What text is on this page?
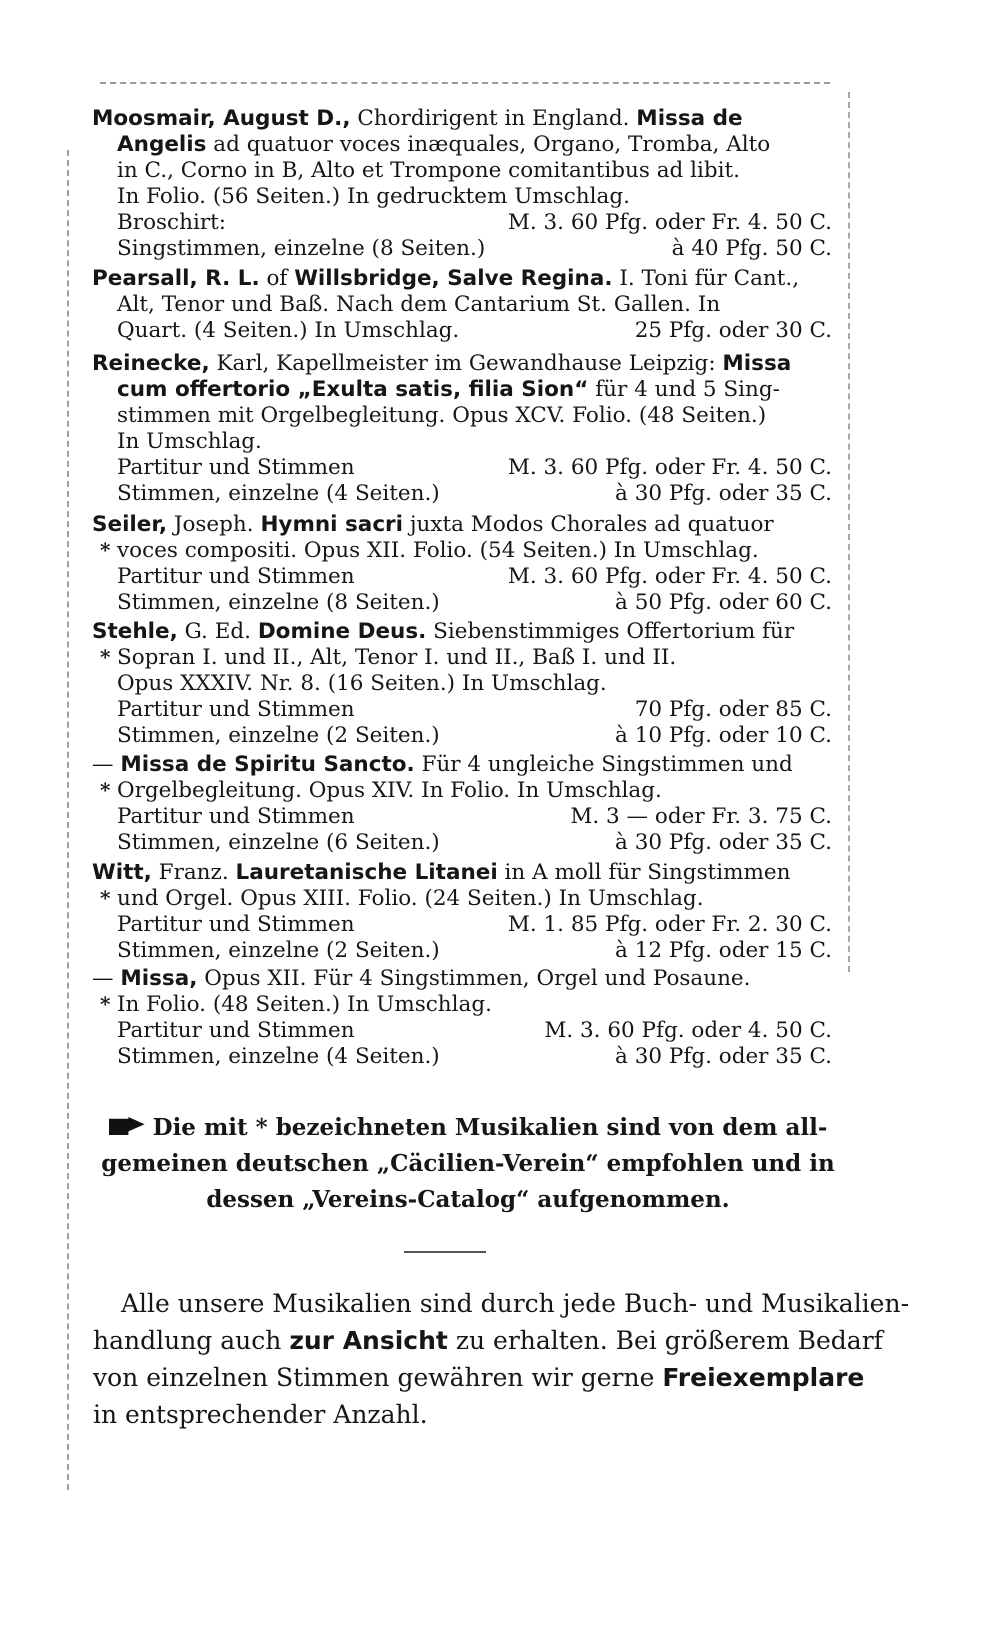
Moosmair, August D., Chordirigent in England. Missa de
Angelis ad quatuor voces inæquales, Organo, Tromba, Alto
in C., Corno in B, Alto et Trompone comitantibus ad libit.
In Folio. (56 Seiten.) In gedrucktem Umschlag.
Broschirt:	M. 3. 60 Pfg. oder Fr. 4. 50 C.
Singstimmen, einzelne (8 Seiten.)	à 40 Pfg. 50 C.
Pearsall, R. L. of Willsbridge, Salve Regina. I. Toni für Cant.,
Alt, Tenor und Baß. Nach dem Cantarium St. Gallen. In
Quart. (4 Seiten.) In Umschlag.	25 Pfg. oder 30 C.
Reinecke, Karl, Kapellmeister im Gewandhause Leipzig: Missa
cum offertorio „Exulta satis, filia Sion“ für 4 und 5 Sing-
stimmen mit Orgelbegleitung. Opus XCV. Folio. (48 Seiten.)
In Umschlag.
Partitur und Stimmen	M. 3. 60 Pfg. oder Fr. 4. 50 C.
Stimmen, einzelne (4 Seiten.)	à 30 Pfg. oder 35 C.
Seiler, Joseph. Hymni sacri juxta Modos Chorales ad quatuor
* voces compositi. Opus XII. Folio. (54 Seiten.) In Umschlag.
Partitur und Stimmen	M. 3. 60 Pfg. oder Fr. 4. 50 C.
Stimmen, einzelne (8 Seiten.)	à 50 Pfg. oder 60 C.
Stehle, G. Ed. Domine Deus. Siebenstimmiges Offertorium für
* Sopran I. und II., Alt, Tenor I. und II., Baß I. und II.
Opus XXXIV. Nr. 8. (16 Seiten.) In Umschlag.
Partitur und Stimmen	70 Pfg. oder 85 C.
Stimmen, einzelne (2 Seiten.)	à 10 Pfg. oder 10 C.
— Missa de Spiritu Sancto. Für 4 ungleiche Singstimmen und
* Orgelbegleitung. Opus XIV. In Folio. In Umschlag.
Partitur und Stimmen	M. 3 — oder Fr. 3. 75 C.
Stimmen, einzelne (6 Seiten.)	à 30 Pfg. oder 35 C.
Witt, Franz. Lauretanische Litanei in A moll für Singstimmen
* und Orgel. Opus XIII. Folio. (24 Seiten.) In Umschlag.
Partitur und Stimmen	M. 1. 85 Pfg. oder Fr. 2. 30 C.
Stimmen, einzelne (2 Seiten.)	à 12 Pfg. oder 15 C.
— Missa, Opus XII. Für 4 Singstimmen, Orgel und Posaune.
* In Folio. (48 Seiten.) In Umschlag.
Partitur und Stimmen	M. 3. 60 Pfg. oder 4. 50 C.
Stimmen, einzelne (4 Seiten.)	à 30 Pfg. oder 35 C.
Die mit * bezeichneten Musikalien sind von dem all-
gemeinen deutschen „Cäcilien-Verein“ empfohlen und in
dessen „Vereins-Catalog“ aufgenommen.
Alle unsere Musikalien sind durch jede Buch- und Musikalien-
handlung auch zur Ansicht zu erhalten. Bei größerem Bedarf
von einzelnen Stimmen gewähren wir gerne Freiexemplare
in entsprechender Anzahl.
